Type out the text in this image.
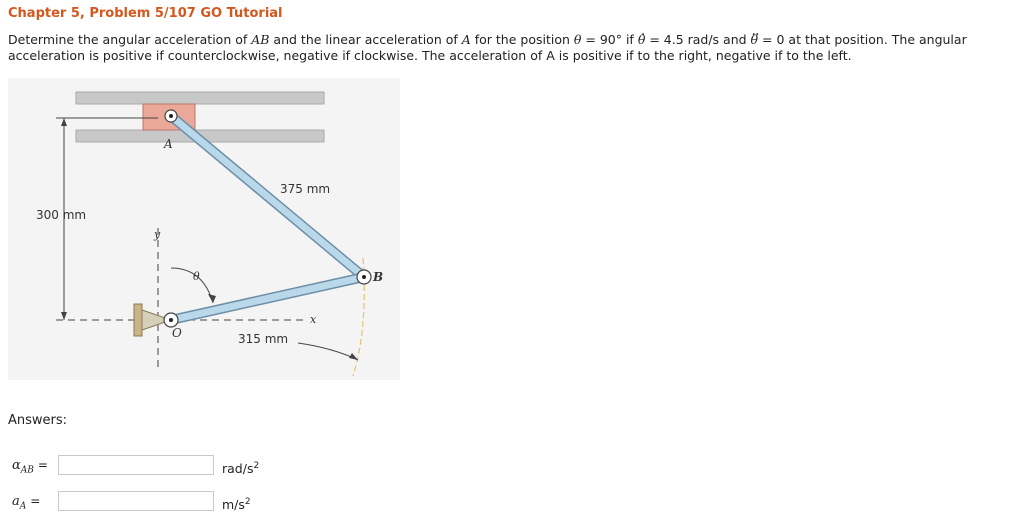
Chapter 5, Problem 5/107 GO Tutorial
Determine the angular acceleration of AB and the linear acceleration of A for the position θ = 90° if . θ = 4.5 rad/s and .. θ = 0 at that position. The angular acceleration is positive if counterclockwise, negative if clockwise. The acceleration of A is positive if to the right, negative if to the left.
A
B
O
y
x
θ
375 mm
300 mm
315 mm
Answers:
$\alpha_{AB}$ =	rad/$s^2$
$a_A$ =	$m/s^2$
